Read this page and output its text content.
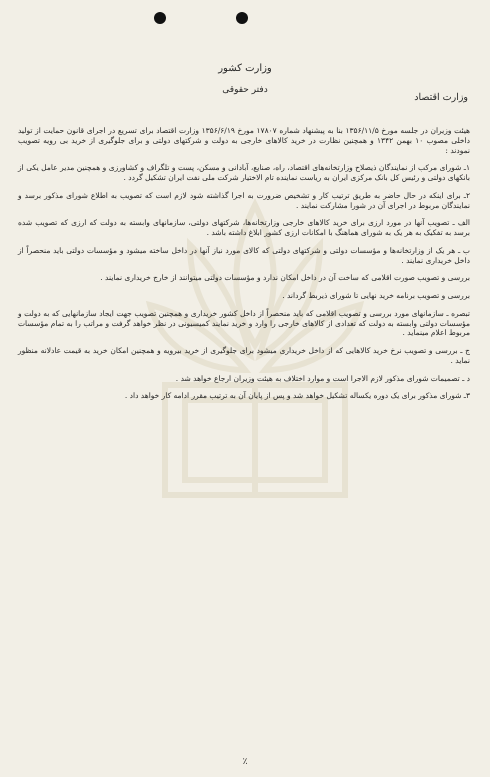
وزارت کشور
دفتر حقوقی
وزارت اقتصاد

هیئت وزیران در جلسه مورخ ۱۳۵۶/۱۱/۵ بنا به پیشنهاد شماره ۱۷۸۰۷ مورخ ۱۳۵۶/۶/۱۹ وزارت اقتصاد برای تسریع در اجرای قانون حمایت از تولید داخلی مصوب ۱۰ بهمن ۱۳۴۲ و همچنین نظارت در خرید کالاهای خارجی به دولت و شرکتهای دولتی و برای جلوگیری از خرید بی رویه تصویب نمودند :

۱ـ شورای مرکب از نمایندگان ذیصلاح وزارتخانه‌های اقتصاد، راه، صنایع، آبادانی و مسکن، پست و تلگراف و کشاورزی و همچنین مدیر عامل یکی از بانکهای دولتی و رئیس کل بانک مرکزی ایران به ریاست نماینده تام الاختیار شرکت ملی نفت ایران تشکیل گردد .

۲ـ برای اینکه در حال حاضر به طریق ترتیب کار و تشخیص ضرورت به اجرا گذاشته شود لازم است که تصویب به اطلاع شورای مذکور برسد و نمایندگان مربوط در اجرای آن در شورا مشارکت نمایند .

الف ـ تصویب آنها در مورد ارزی برای خرید کالاهای خارجی وزارتخانه‌ها، شرکتهای دولتی، سازمانهای وابسته به دولت که ارزی که تصویب شده برسد به تفکیک به هر یک به شورای هماهنگ با امکانات ارزی کشور ابلاغ داشته باشد .

ب ـ هر یک از وزارتخانه‌ها و مؤسسات دولتی و شرکتهای دولتی که کالای مورد نیاز آنها در داخل ساخته میشود و مؤسسات دولتی باید منحصراً از داخل خریداری نمایند .

بررسی و تصویب صورت اقلامی که ساخت آن در داخل امکان ندارد و مؤسسات دولتی میتوانند از خارج خریداری نمایند .

بررسی و تصویب برنامه خرید نهایی تا شورای ذیربط گرداند .

تبصره ـ سازمانهای مورد بررسی و تصویب اقلامی که باید منحصراً از داخل کشور خریداری و همچنین تصویب جهت ایجاد سازمانهایی که به دولت و مؤسسات دولتی وابسته به دولت که تعدادی از کالاهای خارجی را وارد و خرید نمایند کمیسیونی در نظر خواهد گرفت و مراتب را به تمام مؤسسات مربوط اعلام مینماید .

ج ـ بررسی و تصویب نرخ خرید کالاهایی که از داخل خریداری میشود برای جلوگیری از خرید بیرویه و همچنین امکان خرید به قیمت عادلانه منظور نماید .

د ـ تصمیمات شورای مذکور لازم الاجرا است و موارد اختلاف به هیئت وزیران ارجاع خواهد شد .

۳ـ شورای مذکور برای یک دوره یکساله تشکیل خواهد شد و پس از پایان آن به ترتیب مقرر ادامه کار خواهد داد .

٪
